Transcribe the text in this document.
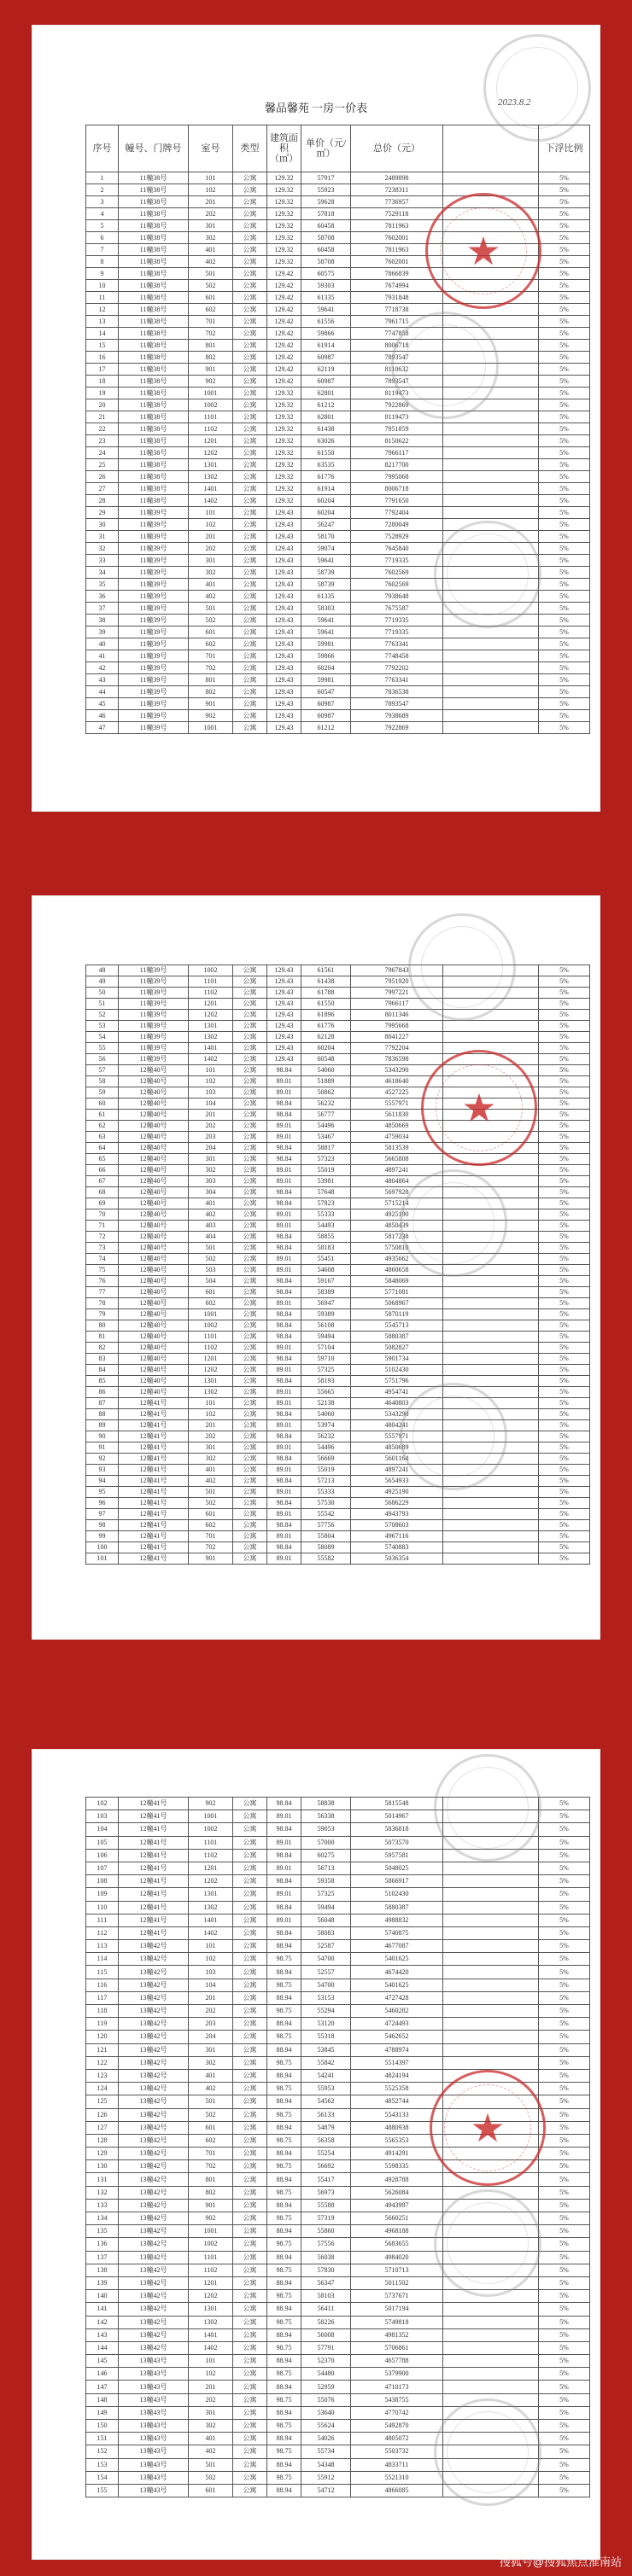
馨品馨苑 一房一价表	2023.8.2
序号	幢号、门牌号	室号	类型	建筑面积（㎡）	单价（元/㎡）	总价（元）		下浮比例
1	11幢38号	101	公寓	129.32	57917	2489898		5%
2	11幢38号	102	公寓	129.32	55923	7238311		5%
3	11幢38号	201	公寓	129.32	59628	7736957		5%
4	11幢38号	202	公寓	129.32	57818	7529118		5%
5	11幢38号	301	公寓	129.32	60458	7811963		5%
6	11幢38号	302	公寓	129.32	58708	7602001		5%
7	11幢38号	401	公寓	129.32	60458	7811963		5%
8	11幢38号	402	公寓	129.32	58708	7602001		5%
9	11幢38号	501	公寓	129.42	60575	7866839		5%
10	11幢38号	502	公寓	129.42	59303	7674994		5%
11	11幢38号	601	公寓	129.42	61335	7931848		5%
12	11幢38号	602	公寓	129.42	59641	7718738		5%
13	11幢38号	701	公寓	129.42	61556	7961715		5%
14	11幢38号	702	公寓	129.42	59866	7747858		5%
15	11幢38号	801	公寓	129.42	61914	8006718		5%
16	11幢38号	802	公寓	129.42	60987	7893547		5%
17	11幢38号	901	公寓	129.42	62119	8110632		5%
18	11幢38号	902	公寓	129.42	60987	7893547		5%
19	11幢38号	1001	公寓	129.32	62801	8119473		5%
20	11幢38号	1002	公寓	129.32	61212	7922869		5%
21	11幢38号	1101	公寓	129.32	62801	8119473		5%
22	11幢38号	1102	公寓	129.32	61438	7951859		5%
23	11幢38号	1201	公寓	129.32	63026	8150622		5%
24	11幢38号	1202	公寓	129.32	61550	7966117		5%
25	11幢38号	1301	公寓	129.32	63535	8217700		5%
26	11幢38号	1302	公寓	129.32	61776	7995068		5%
27	11幢38号	1401	公寓	129.32	61914	8006718		5%
28	11幢38号	1402	公寓	129.32	60204	7791650		5%
29	11幢39号	101	公寓	129.43	60204	7792404		5%
30	11幢39号	102	公寓	129.43	56247	7280049		5%
31	11幢39号	201	公寓	129.43	58170	7528929		5%
32	11幢39号	202	公寓	129.43	59074	7645840		5%
33	11幢39号	301	公寓	129.43	59641	7719335		5%
34	11幢39号	302	公寓	129.43	58739	7602569		5%
35	11幢39号	401	公寓	129.43	58739	7602569		5%
36	11幢39号	402	公寓	129.43	61335	7938648		5%
37	11幢39号	501	公寓	129.43	58303	7675587		5%
38	11幢39号	502	公寓	129.43	59641	7719335		5%
39	11幢39号	601	公寓	129.43	59641	7719335		5%
40	11幢39号	602	公寓	129.43	59981	7763341		5%
41	11幢39号	701	公寓	129.43	59866	7748458		5%
42	11幢39号	702	公寓	129.43	60204	7792202		5%
43	11幢39号	801	公寓	129.43	59981	7763341		5%
44	11幢39号	802	公寓	129.43	60547	7836538		5%
45	11幢39号	901	公寓	129.43	60987	7893547		5%
46	11幢39号	902	公寓	129.43	60987	7938689		5%
47	11幢39号	1001	公寓	129.43	61212	7922869		5%
★
48	11幢39号	1002	公寓	129.43	61561	7967843		5%
49	11幢39号	1101	公寓	129.43	61438	7951920		5%
50	11幢39号	1102	公寓	129.43	61788	7997221		5%
51	11幢39号	1201	公寓	129.43	61550	7966117		5%
52	11幢39号	1202	公寓	129.43	61896	8011346		5%
53	11幢39号	1301	公寓	129.43	61776	7995668		5%
54	11幢39号	1302	公寓	129.43	62128	8041227		5%
55	11幢39号	1401	公寓	129.43	60204	7792204		5%
56	11幢39号	1402	公寓	129.43	60548	7836598		5%
57	12幢40号	101	公寓	98.84	54060	5343290		5%
58	12幢40号	102	公寓	89.01	51889	4618640		5%
59	12幢40号	103	公寓	89.01	50862	4527225		5%
60	12幢40号	104	公寓	98.84	56232	5557971		5%
61	12幢40号	201	公寓	98.84	56777	5611830		5%
62	12幢40号	202	公寓	89.01	54496	4850669		5%
63	12幢40号	203	公寓	89.01	53467	4759034		5%
64	12幢40号	204	公寓	98.84	58817	5813539		5%
65	12幢40号	301	公寓	98.84	57323	5665808		5%
66	12幢40号	302	公寓	89.01	55019	4897241		5%
67	12幢40号	303	公寓	89.01	53981	4804864		5%
68	12幢40号	304	公寓	98.84	57648	5697928		5%
69	12幢40号	401	公寓	98.84	57823	5715214		5%
70	12幢40号	402	公寓	89.01	55333	4925190		5%
71	12幢40号	403	公寓	89.01	54493	4850439		5%
72	12幢40号	404	公寓	98.84	58855	5817238		5%
73	12幢40号	501	公寓	98.84	58183	5750810		5%
74	12幢40号	502	公寓	89.01	55451	4935662		5%
75	12幢40号	503	公寓	89.01	54608	4860658		5%
76	12幢40号	504	公寓	98.84	59167	5848069		5%
77	12幢40号	601	公寓	98.84	58389	5771081		5%
78	12幢40号	602	公寓	89.01	56947	5068967		5%
79	12幢40号	1001	公寓	98.84	59389	5870119		5%
80	12幢40号	1002	公寓	98.84	56108	5545713		5%
81	12幢40号	1101	公寓	98.84	59494	5880387		5%
82	12幢40号	1102	公寓	89.01	57104	5082827		5%
83	12幢40号	1201	公寓	98.84	59710	5901734		5%
84	12幢40号	1202	公寓	89.01	57325	5102430		5%
85	12幢40号	1301	公寓	98.84	58193	5751796		5%
86	12幢40号	1302	公寓	89.01	55665	4954741		5%
87	12幢41号	101	公寓	89.01	52138	4640803		5%
88	12幢41号	102	公寓	98.84	54060	5343290		5%
89	12幢41号	201	公寓	89.01	53974	4804241		5%
90	12幢41号	202	公寓	98.84	56232	5557971		5%
91	12幢41号	301	公寓	89.01	54496	4850689		5%
92	12幢41号	302	公寓	98.84	56669	5601164		5%
93	12幢41号	401	公寓	89.01	55019	4897241		5%
94	12幢41号	402	公寓	98.84	57213	5654933		5%
95	12幢41号	501	公寓	89.01	55333	4925190		5%
96	12幢41号	502	公寓	98.84	57530	5686229		5%
97	12幢41号	601	公寓	89.01	55542	4943793		5%
98	12幢41号	602	公寓	98.84	57756	5708603		5%
99	12幢41号	701	公寓	89.01	55804	4967116		5%
100	12幢41号	702	公寓	98.84	58089	5740883		5%
101	12幢41号	901	公寓	89.01	55582	5036354		5%
★
102	12幢41号	902	公寓	98.84	58838	5815548		5%
103	12幢41号	1001	公寓	89.01	56338	5014967		5%
104	12幢41号	1002	公寓	98.84	59053	5836818		5%
105	12幢41号	1101	公寓	89.01	57000	5073570		5%
106	12幢41号	1102	公寓	98.84	60275	5957581		5%
107	12幢41号	1201	公寓	89.01	56713	5048025		5%
108	12幢41号	1202	公寓	98.84	59358	5866917		5%
109	12幢41号	1301	公寓	89.01	57325	5102430		5%
110	12幢41号	1302	公寓	98.84	59494	5880387		5%
111	12幢41号	1401	公寓	89.01	56048	4988832		5%
112	12幢41号	1402	公寓	98.84	58083	5740875		5%
113	13幢42号	101	公寓	88.94	52587	4677087		5%
114	13幢42号	102	公寓	98.75	54700	5401625		5%
115	13幢42号	103	公寓	88.94	52557	4674420		5%
116	13幢42号	104	公寓	98.75	54700	5401625		5%
117	13幢42号	201	公寓	88.94	53153	4727428		5%
118	13幢42号	202	公寓	98.75	55294	5460282		5%
119	13幢42号	203	公寓	88.94	53120	4724493		5%
120	13幢42号	204	公寓	98.75	55318	5462652		5%
121	13幢42号	301	公寓	88.94	53845	4788974		5%
122	13幢42号	302	公寓	98.75	55842	5514397		5%
123	13幢42号	401	公寓	88.94	54241	4824194		5%
124	13幢42号	402	公寓	98.75	55953	5525358		5%
125	13幢42号	501	公寓	88.94	54562	4852744		5%
126	13幢42号	502	公寓	98.75	56133	5543133		5%
127	13幢42号	601	公寓	88.94	54879	4880938		5%
128	13幢42号	602	公寓	98.75	56358	5565353		5%
129	13幢42号	701	公寓	88.94	55254	4914291		5%
130	13幢42号	702	公寓	98.75	56692	5598335		5%
131	13幢42号	801	公寓	88.94	55417	4928788		5%
132	13幢42号	802	公寓	98.75	56973	5626084		5%
133	13幢42号	901	公寓	88.94	55588	4943997		5%
134	13幢42号	902	公寓	98.75	57319	5660251		5%
135	13幢42号	1001	公寓	88.94	55860	4968188		5%
136	13幢42号	1002	公寓	98.75	57556	5683655		5%
137	13幢42号	1101	公寓	88.94	56038	4984020		5%
138	13幢42号	1102	公寓	98.75	57830	5710713		5%
139	13幢42号	1201	公寓	88.94	56347	5011502		5%
140	13幢42号	1202	公寓	98.75	58103	5737671		5%
141	13幢42号	1301	公寓	88.94	56411	5017194		5%
142	13幢42号	1302	公寓	98.75	58226	5749818		5%
143	13幢42号	1401	公寓	88.94	56008	4981352		5%
144	13幢42号	1402	公寓	98.75	57791	5706861		5%
145	13幢43号	101	公寓	88.94	52370	4657788		5%
146	13幢43号	102	公寓	98.75	54480	5379900		5%
147	13幢43号	201	公寓	88.94	52959	4710173		5%
148	13幢43号	202	公寓	98.75	55076	5438755		5%
149	13幢43号	301	公寓	88.94	53640	4770742		5%
150	13幢43号	302	公寓	98.75	55624	5492870		5%
151	13幢43号	401	公寓	88.94	54026	4805072		5%
152	13幢43号	402	公寓	98.75	55734	5503732		5%
153	13幢43号	501	公寓	88.94	54348	4833711		5%
154	13幢43号	502	公寓	98.75	55912	5521310		5%
155	13幢43号	601	公寓	88.94	54712	4866085		5%
★
搜狐号@搜狐焦点淮南站
